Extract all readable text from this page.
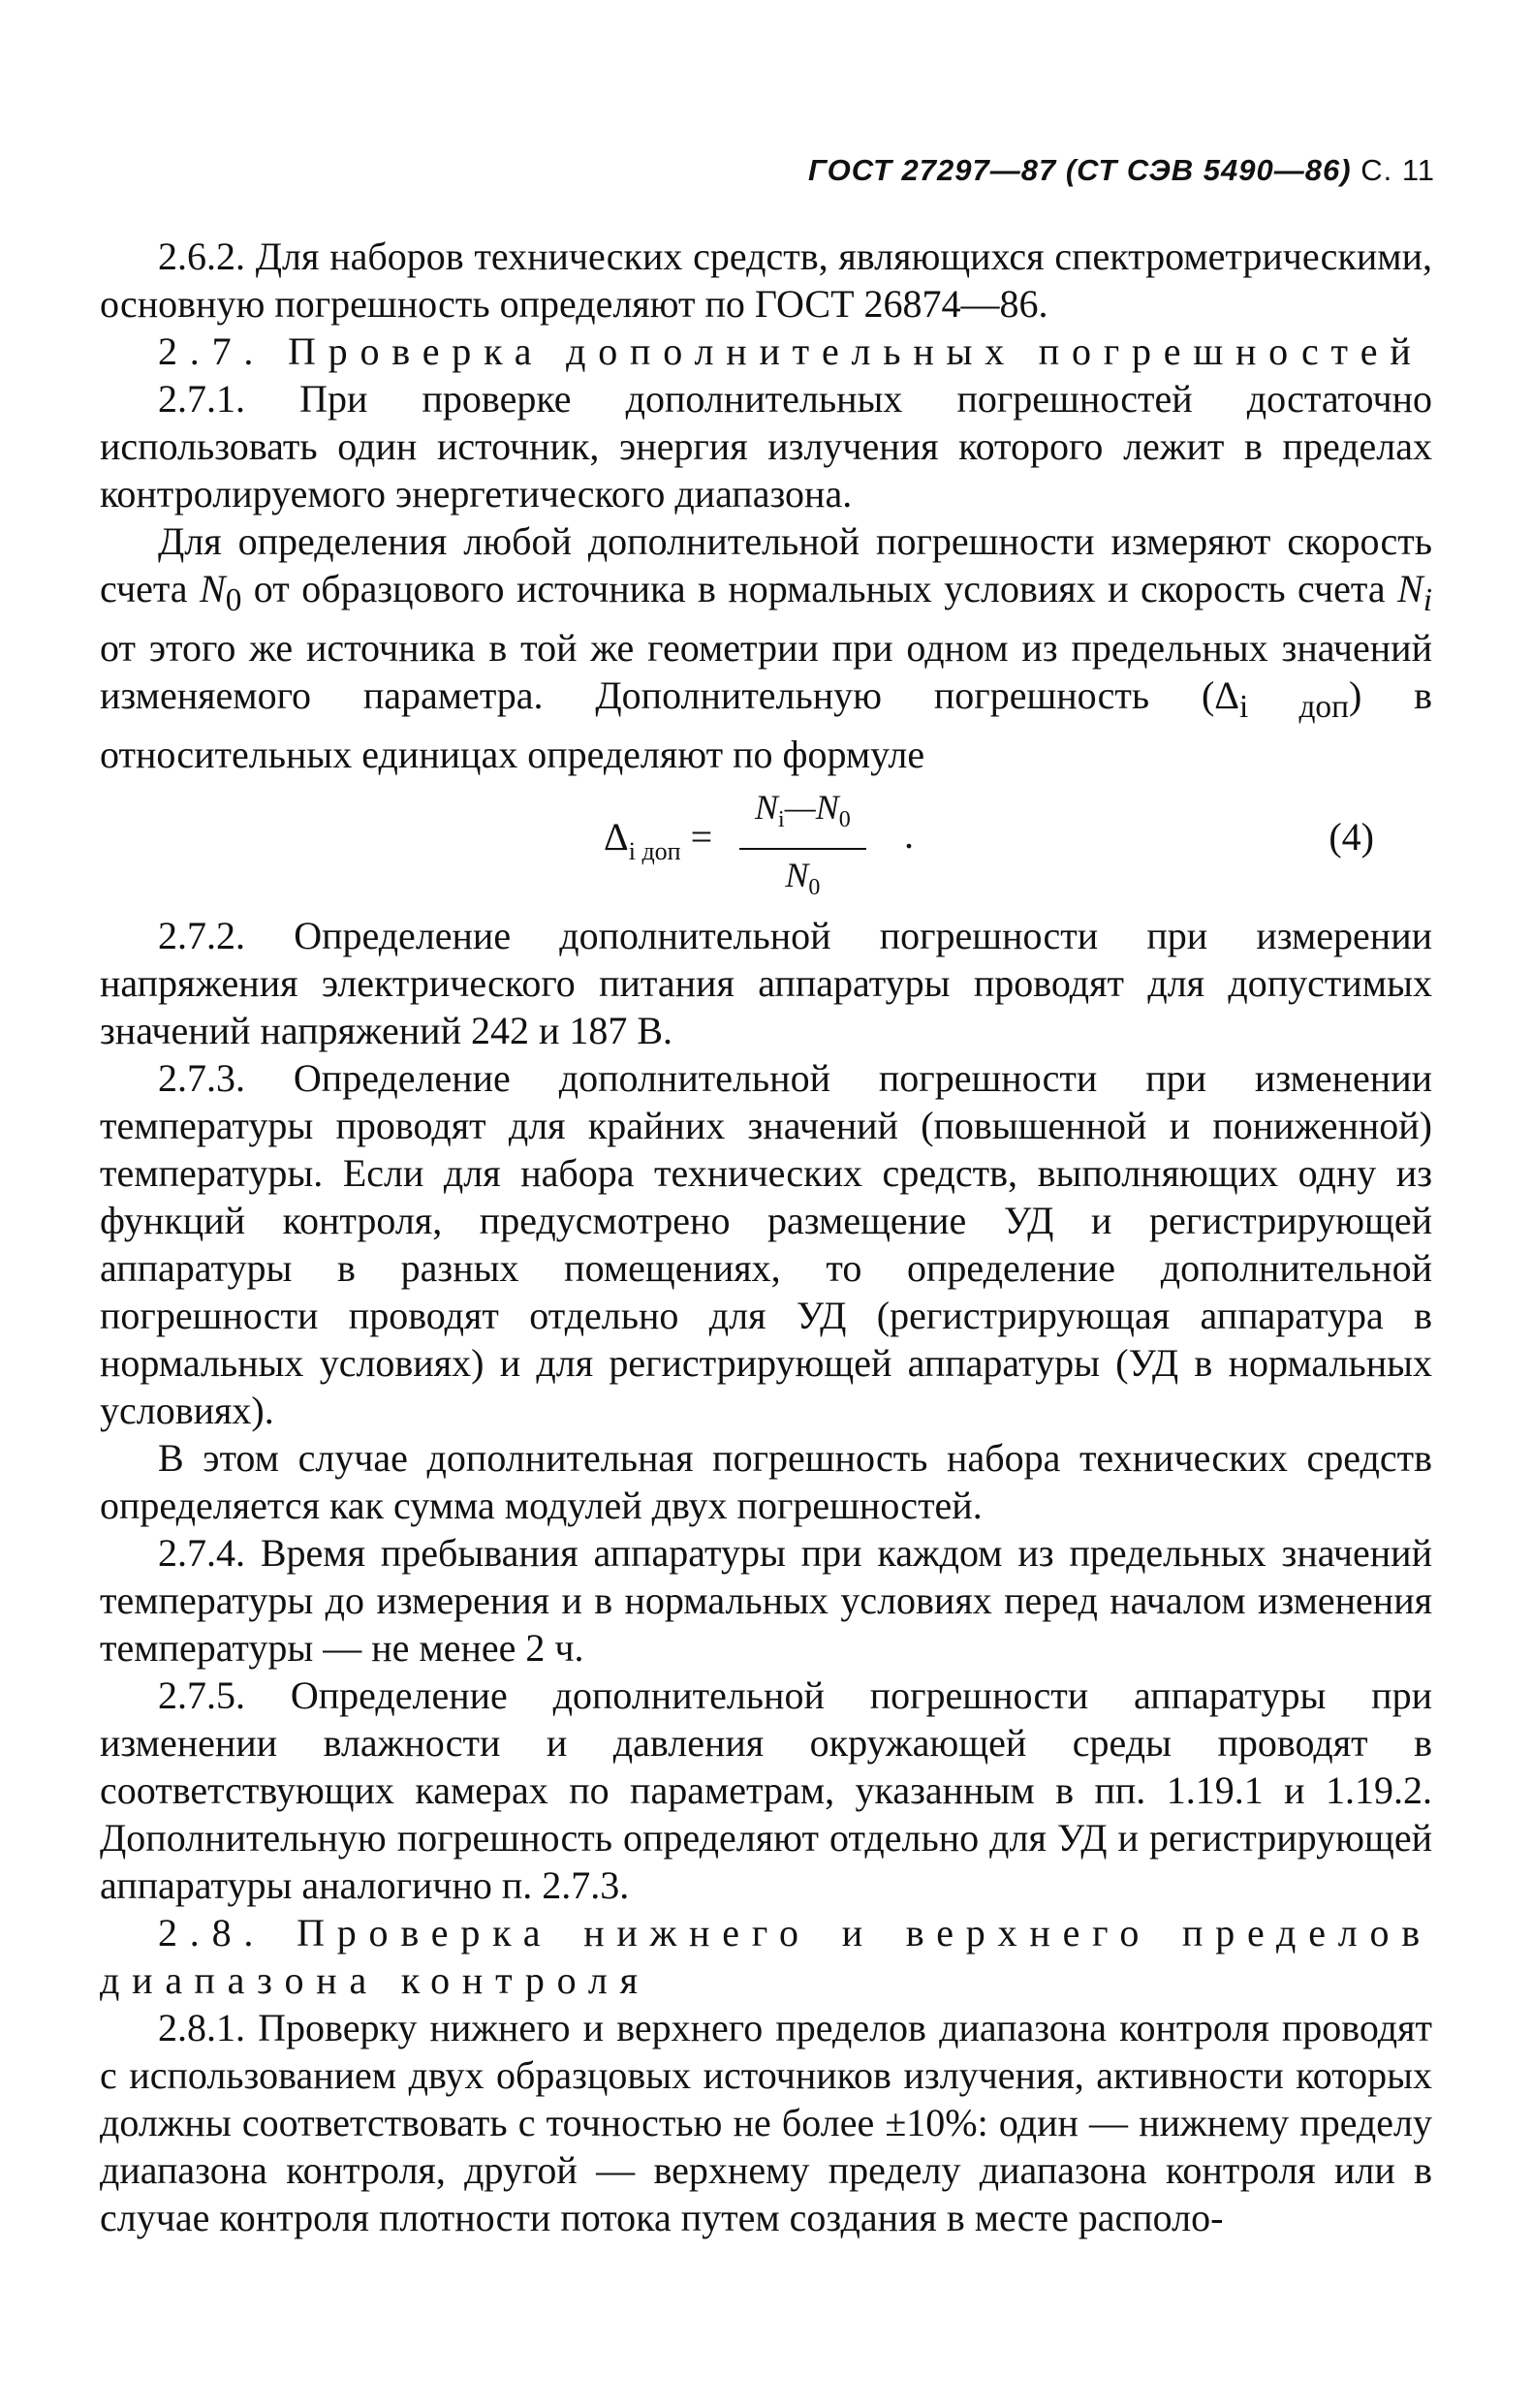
ГОСТ 27297—87 (СТ СЭВ 5490—86) С. 11

2.6.2. Для наборов технических средств, являющихся спектрометрическими, основную погрешность определяют по ГОСТ 26874—86.

2.7. Проверка дополнительных погрешностей

2.7.1. При проверке дополнительных погрешностей достаточно использовать один источник, энергия излучения которого лежит в пределах контролируемого энергетического диапазона.

Для определения любой дополнительной погрешности измеряют скорость счета $N_0$ от образцового источника в нормальных условиях и скорость счета $N_i$ от этого же источника в той же геометрии при одном из предельных значений изменяемого параметра. Дополнительную погрешность $(\Delta_{i доп})$ в относительных единицах определяют по формуле

$\Delta_{i доп} = \frac{N_i—N_0}{N_0}$ .	(4)

2.7.2. Определение дополнительной погрешности при измерении напряжения электрического питания аппаратуры проводят для допустимых значений напряжений 242 и 187 В.

2.7.3. Определение дополнительной погрешности при изменении температуры проводят для крайних значений (повышенной и пониженной) температуры. Если для набора технических средств, выполняющих одну из функций контроля, предусмотрено размещение УД и регистрирующей аппаратуры в разных помещениях, то определение дополнительной погрешности проводят отдельно для УД (регистрирующая аппаратура в нормальных условиях) и для регистрирующей аппаратуры (УД в нормальных условиях).

В этом случае дополнительная погрешность набора технических средств определяется как сумма модулей двух погрешностей.

2.7.4. Время пребывания аппаратуры при каждом из предельных значений температуры до измерения и в нормальных условиях перед началом изменения температуры — не менее 2 ч.

2.7.5. Определение дополнительной погрешности аппаратуры при изменении влажности и давления окружающей среды проводят в соответствующих камерах по параметрам, указанным в пп. 1.19.1 и 1.19.2. Дополнительную погрешность определяют отдельно для УД и регистрирующей аппаратуры аналогично п. 2.7.3.

2.8. Проверка нижнего и верхнего пределов диапазона контроля

2.8.1. Проверку нижнего и верхнего пределов диапазона контроля проводят с использованием двух образцовых источников излучения, активности которых должны соответствовать с точностью не более ±10%: один — нижнему пределу диапазона контроля, другой — верхнему пределу диапазона контроля или в случае контроля плотности потока путем создания в месте располо-
